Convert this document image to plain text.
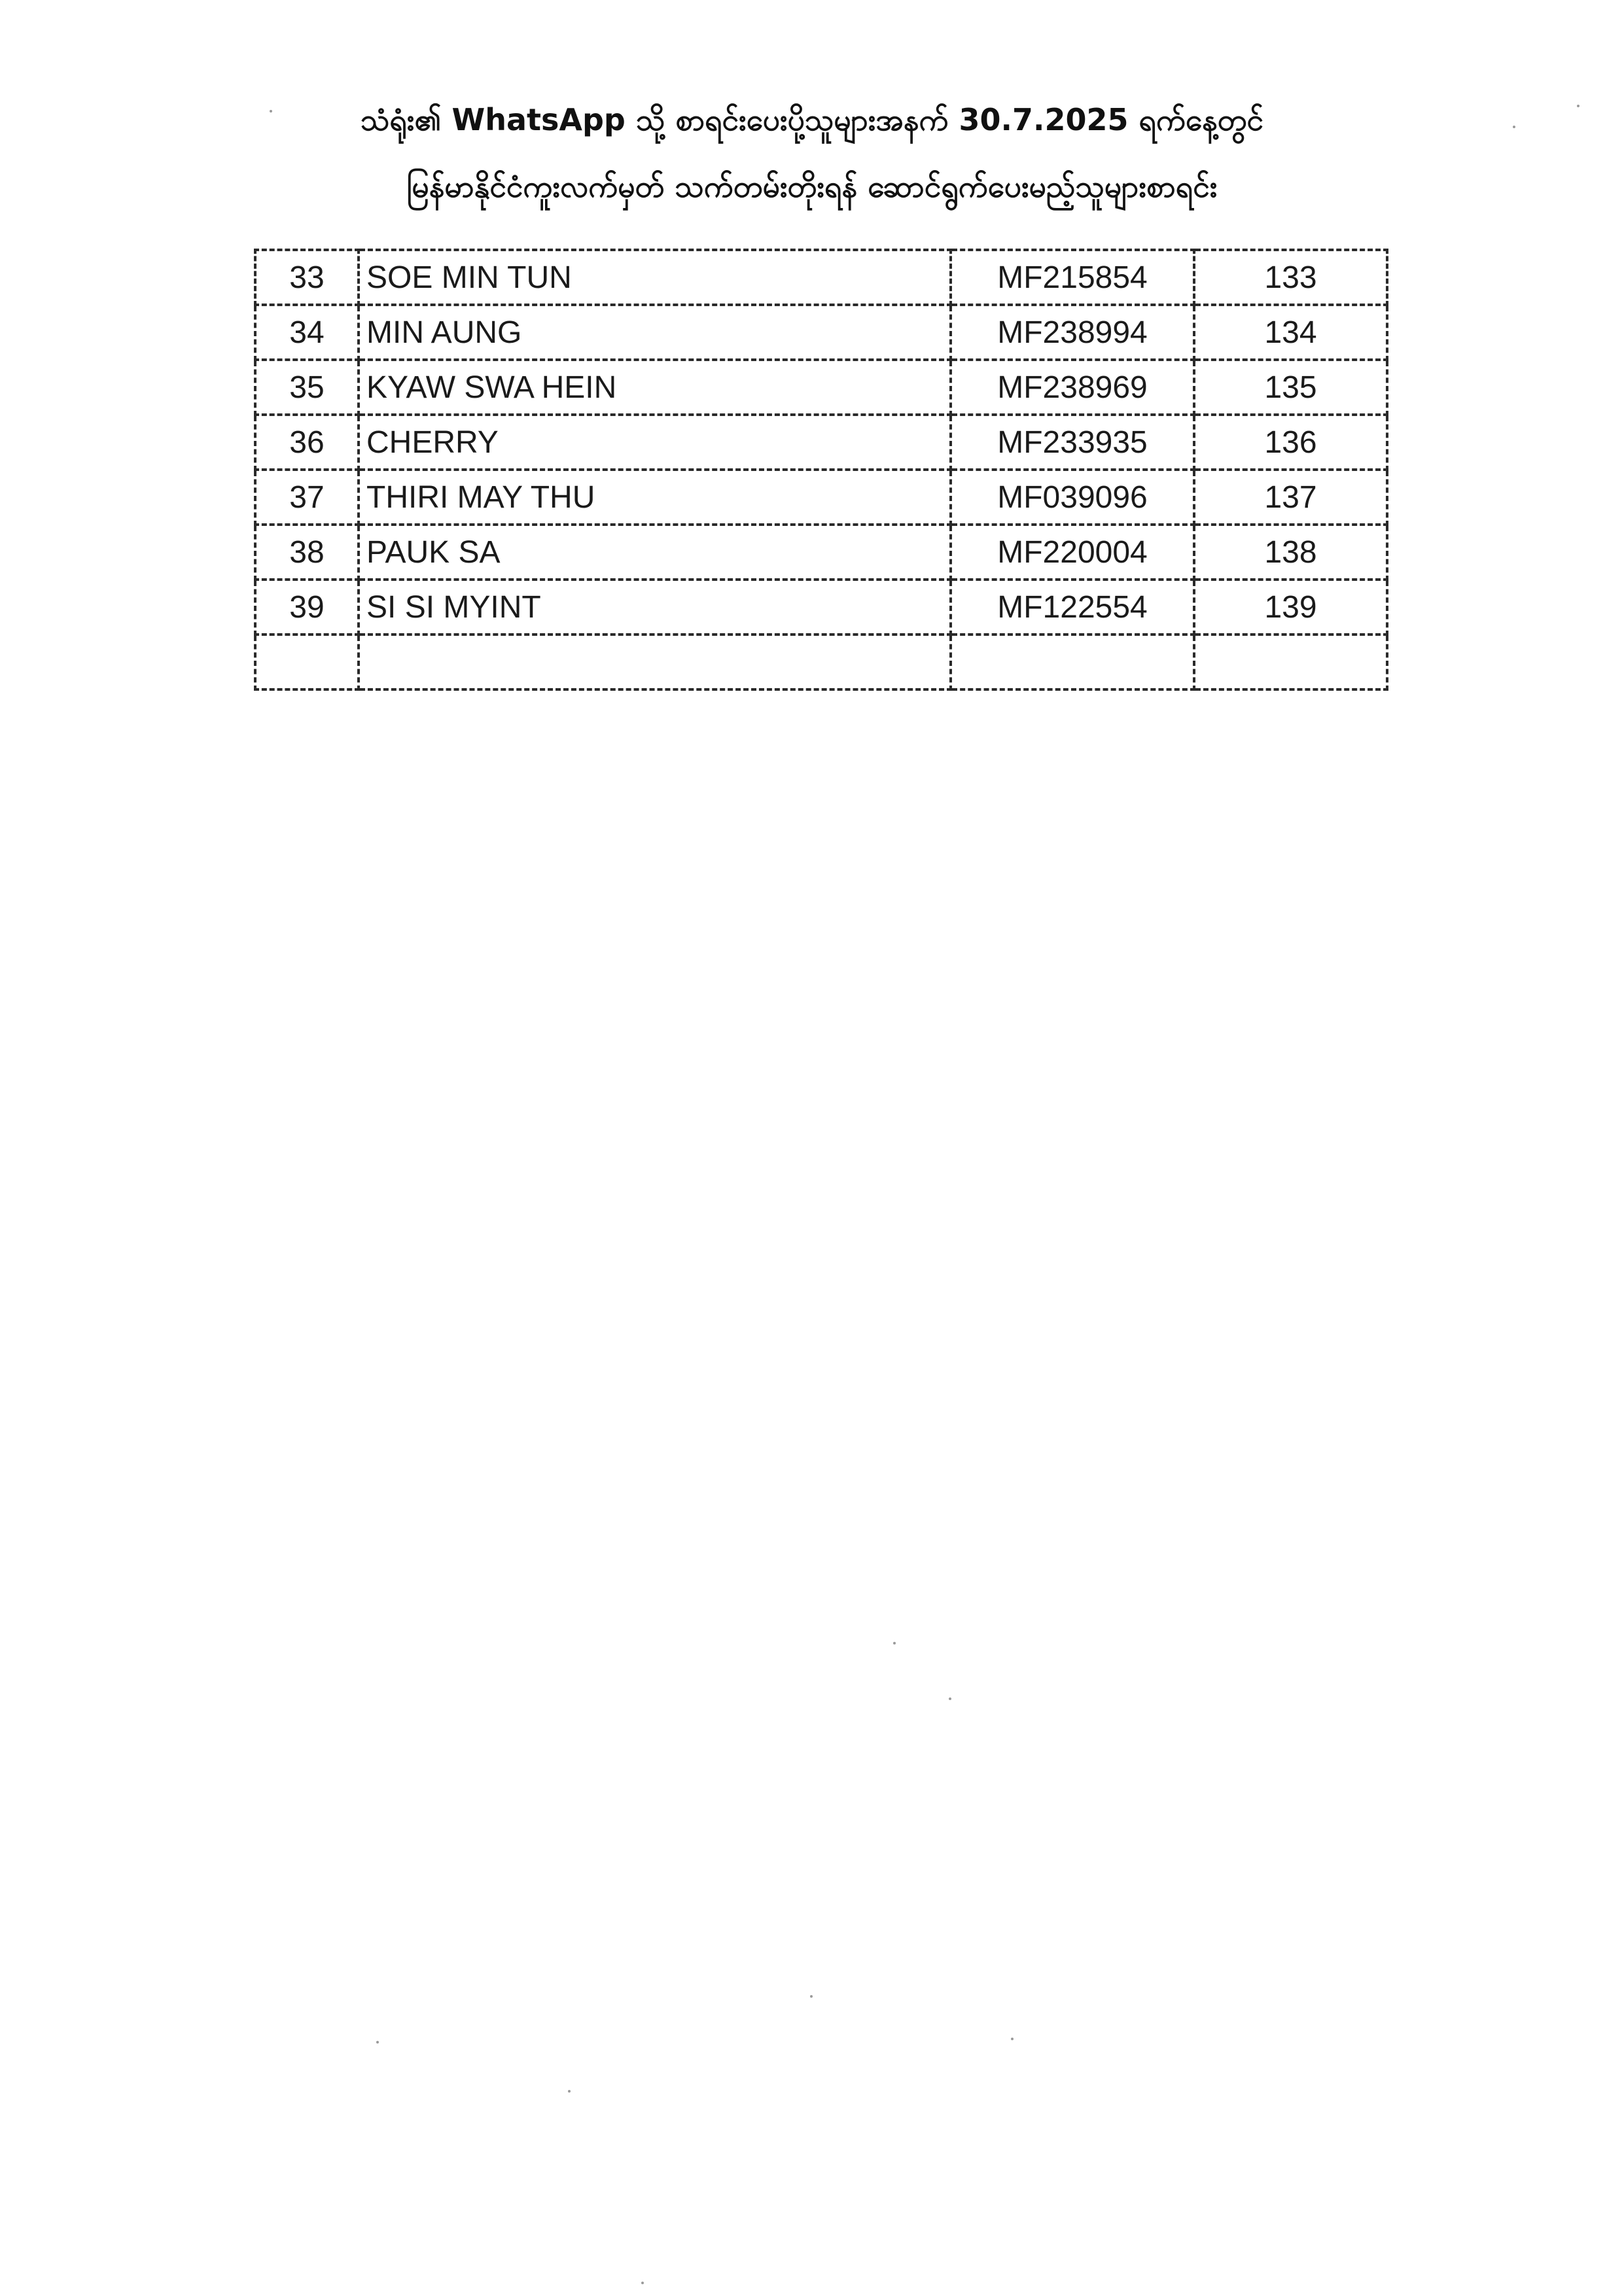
သံရုံး၏ WhatsApp သို့ စာရင်းပေးပို့သူများအနက် 30.7.2025 ရက်နေ့တွင်
မြန်မာနိုင်ငံကူးလက်မှတ် သက်တမ်းတိုးရန် ဆောင်ရွက်ပေးမည့်သူများစာရင်း
33	SOE MIN TUN	MF215854	133
34	MIN AUNG	MF238994	134
35	KYAW SWA HEIN	MF238969	135
36	CHERRY	MF233935	136
37	THIRI MAY THU	MF039096	137
38	PAUK SA	MF220004	138
39	SI SI MYINT	MF122554	139
